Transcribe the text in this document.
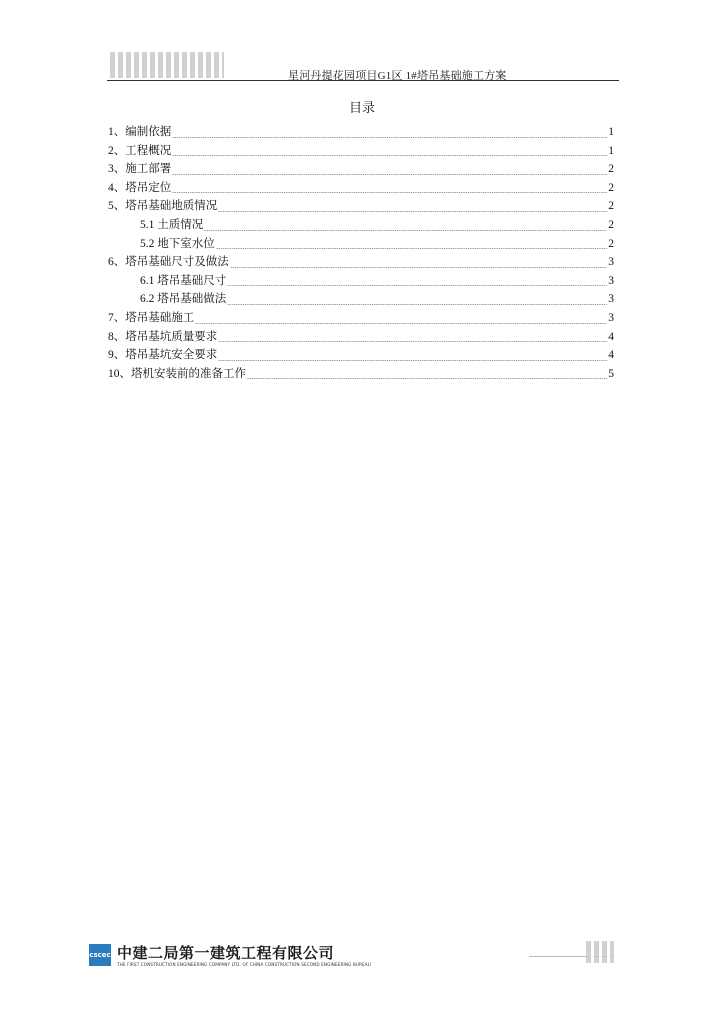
星河丹提花园项目G1区 1#塔吊基础施工方案
目录
1、编制依据	1
2、工程概况	1
3、施工部署	2
4、塔吊定位	2
5、塔吊基础地质情况	2
5.1 土质情况	2
5.2 地下室水位	2
6、塔吊基础尺寸及做法	3
6.1 塔吊基础尺寸	3
6.2 塔吊基础做法	3
7、塔吊基础施工	3
8、塔吊基坑质量要求	4
9、塔吊基坑安全要求	4
10、塔机安装前的准备工作	5
cscec 中建二局第一建筑工程有限公司
THE FIRST CONSTRUCTION ENGINEERING COMPANY LTD. OF CHINA CONSTRUCTION SECOND ENGINEERING BUREAU
